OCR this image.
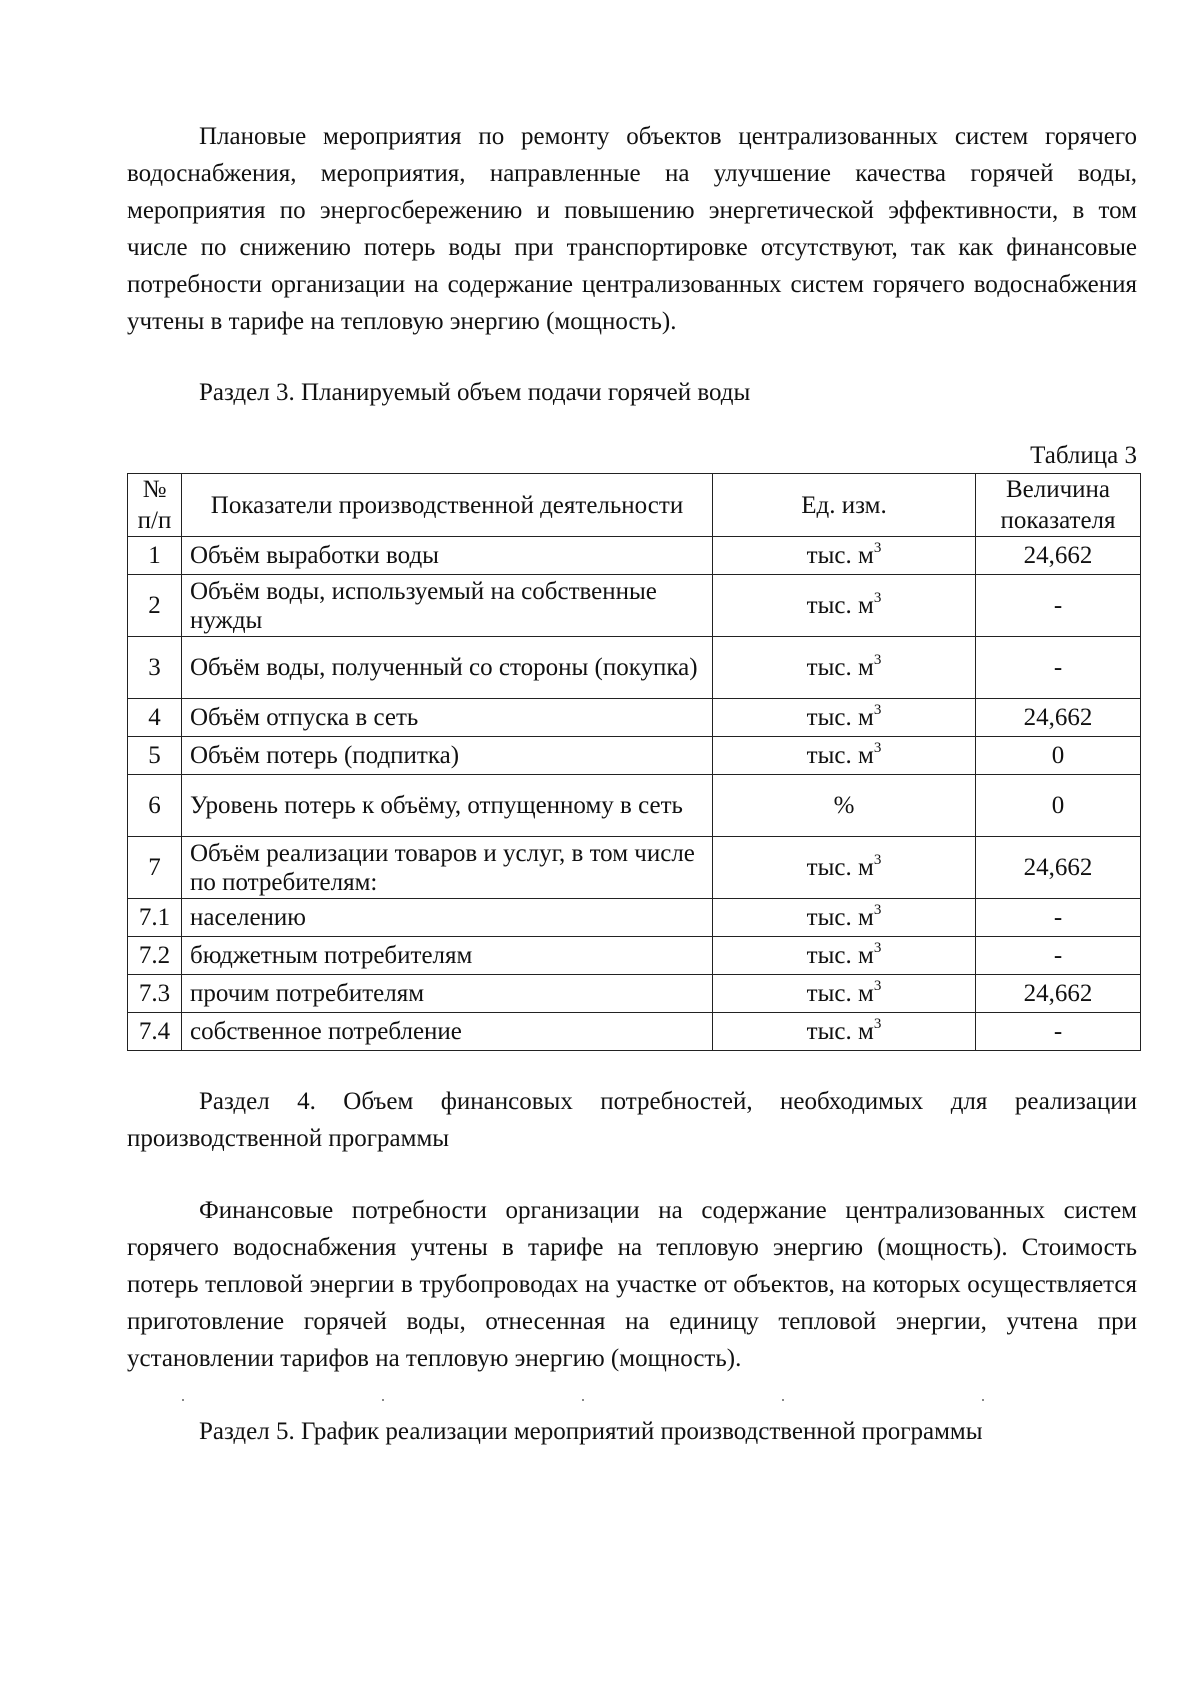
Плановые мероприятия по ремонту объектов централизованных систем горячего водоснабжения, мероприятия, направленные на улучшение качества горячей воды, мероприятия по энергосбережению и повышению энергетической эффективности, в том числе по снижению потерь воды при транспортировке отсутствуют, так как финансовые потребности организации на содержание централизованных систем горячего водоснабжения учтены в тарифе на тепловую энергию (мощность).

Раздел 3. Планируемый объем подачи горячей воды

Таблица 3
№ п/п	Показатели производственной деятельности	Ед. изм.	Величина показателя
1	Объём выработки воды	тыс. $м^3$	24,662
2	Объём воды, используемый на собственные нужды	тыс. $м^3$	-
3	Объём воды, полученный со стороны (покупка)	тыс. $м^3$	-
4	Объём отпуска в сеть	тыс. $м^3$	24,662
5	Объём потерь (подпитка)	тыс. $м^3$	0
6	Уровень потерь к объёму, отпущенному в сеть	%	0
7	Объём реализации товаров и услуг, в том числе по потребителям:	тыс. $м^3$	24,662
7.1	населению	тыс. $м^3$	-
7.2	бюджетным потребителям	тыс. $м^3$	-
7.3	прочим потребителям	тыс. $м^3$	24,662
7.4	собственное потребление	тыс. $м^3$	-

Раздел 4. Объем финансовых потребностей, необходимых для реализации производственной программы

Финансовые потребности организации на содержание централизованных систем горячего водоснабжения учтены в тарифе на тепловую энергию (мощность). Стоимость потерь тепловой энергии в трубопроводах на участке от объектов, на которых осуществляется приготовление горячей воды, отнесенная на единицу тепловой энергии, учтена при установлении тарифов на тепловую энергию (мощность).

Раздел 5. График реализации мероприятий производственной программы
